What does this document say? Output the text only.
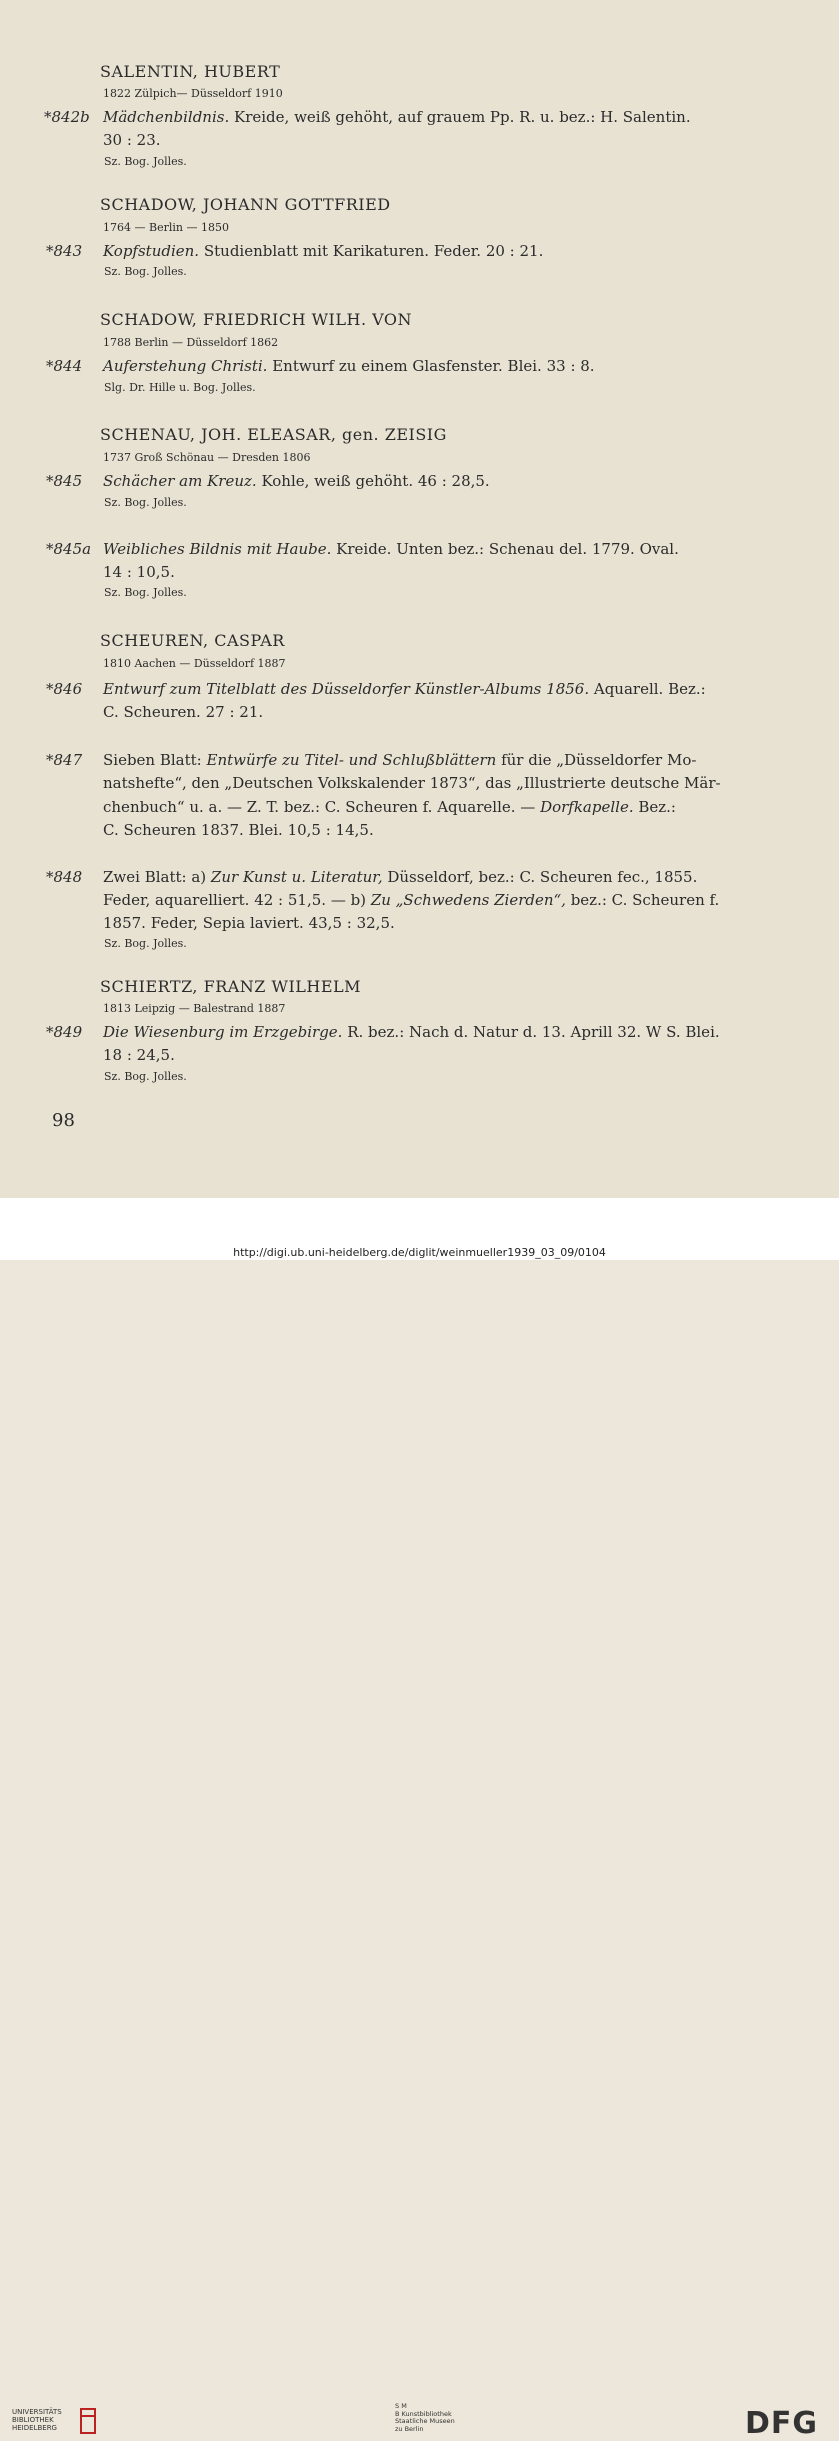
SALENTIN, HUBERT
1822 Zülpich— Düsseldorf 1910
*842b Mädchenbildnis. Kreide, weiß gehöht, auf grauem Pp. R. u. bez.: H. Salentin.
30 : 23.
Sz. Bog. Jolles.
SCHADOW, JOHANN GOTTFRIED
1764 — Berlin — 1850
*843 Kopfstudien. Studienblatt mit Karikaturen. Feder. 20 : 21.
Sz. Bog. Jolles.
SCHADOW, FRIEDRICH WILH. VON
1788 Berlin — Düsseldorf 1862
*844 Auferstehung Christi. Entwurf zu einem Glasfenster. Blei. 33 : 8.
Slg. Dr. Hille u. Bog. Jolles.
SCHENAU, JOH. ELEASAR, gen. ZEISIG
1737 Groß Schönau — Dresden 1806
*845 Schächer am Kreuz. Kohle, weiß gehöht. 46 : 28,5.
Sz. Bog. Jolles.
*845a Weibliches Bildnis mit Haube. Kreide. Unten bez.: Schenau del. 1779. Oval.
14 : 10,5.
Sz. Bog. Jolles.
SCHEUREN, CASPAR
1810 Aachen — Düsseldorf 1887
*846 Entwurf zum Titelblatt des Düsseldorfer Künstler-Albums 1856. Aquarell. Bez.:
C. Scheuren. 27 : 21.
*847 Sieben Blatt: Entwürfe zu Titel- und Schlußblättern für die „Düsseldorfer Mo-
natshefte“, den „Deutschen Volkskalender 1873“, das „Illustrierte deutsche Mär-
chenbuch“ u. a. — Z. T. bez.: C. Scheuren f. Aquarelle. — Dorfkapelle. Bez.:
C. Scheuren 1837. Blei. 10,5 : 14,5.
*848 Zwei Blatt: a) Zur Kunst u. Literatur, Düsseldorf, bez.: C. Scheuren fec., 1855.
Feder, aquarelliert. 42 : 51,5. — b) Zu „Schwedens Zierden“, bez.: C. Scheuren f.
1857. Feder, Sepia laviert. 43,5 : 32,5.
Sz. Bog. Jolles.
SCHIERTZ, FRANZ WILHELM
1813 Leipzig — Balestrand 1887
*849 Die Wiesenburg im Erzgebirge. R. bez.: Nach d. Natur d. 13. Aprill 32. W S. Blei.
18 : 24,5.
Sz. Bog. Jolles.
98
UNIVERSITÄTS
BIBLIOTHEK
HEIDELBERG
S M
B Kunstbibliothek
Staatliche Museen
zu Berlin	DFG
http://digi.ub.uni-heidelberg.de/diglit/weinmueller1939_03_09/0104
